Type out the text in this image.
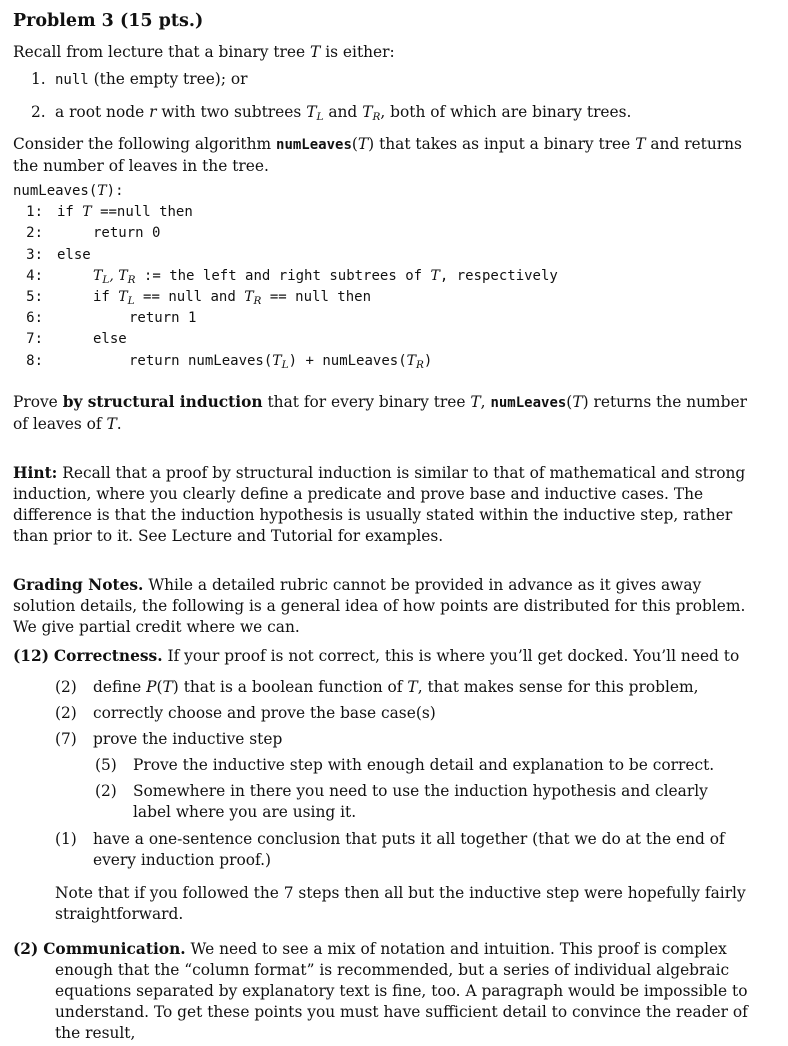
Problem 3 (15 pts.)

Recall from lecture that a binary tree T is either:

1. null (the empty tree); or
2. a root node r with two subtrees $T_L$ and $T_R$, both of which are binary trees.

Consider the following algorithm numLeaves(T) that takes as input a binary tree T and returns the number of leaves in the tree.

numLeaves( T ):
1:	if T ==null then
2:	return 0
3:	else
4:	$T_L$, $T_R$ := the left and right subtrees of T, respectively
5:	if $T_L$ == null and $T_R$ == null then
6:	return 1
7:	else
8:	return $numLeaves(T_L)$ + $numLeaves(T_R)$

Prove by structural induction that for every binary tree T, numLeaves(T) returns the number of leaves of T.

Hint: Recall that a proof by structural induction is similar to that of mathematical and strong induction, where you clearly define a predicate and prove base and inductive cases. The difference is that the induction hypothesis is usually stated within the inductive step, rather than prior to it. See Lecture and Tutorial for examples.

Grading Notes. While a detailed rubric cannot be provided in advance as it gives away solution details, the following is a general idea of how points are distributed for this problem. We give partial credit where we can.

(12) Correctness. If your proof is not correct, this is where you’ll get docked. You’ll need to

(2)	define P(T) that is a boolean function of T, that makes sense for this problem,
(2)	correctly choose and prove the base case(s)
(7)	prove the inductive step
(5)	Prove the inductive step with enough detail and explanation to be correct.
(2)	Somewhere in there you need to use the induction hypothesis and clearly label where you are using it.
(1)	have a one-sentence conclusion that puts it all together (that we do at the end of every induction proof.)

Note that if you followed the 7 steps then all but the inductive step were hopefully fairly straightforward.

(2) Communication. We need to see a mix of notation and intuition. This proof is complex enough that the “column format” is recommended, but a series of individual algebraic equations separated by explanatory text is fine, too. A paragraph would be impossible to understand. To get these points you must have sufficient detail to convince the reader of the result,
